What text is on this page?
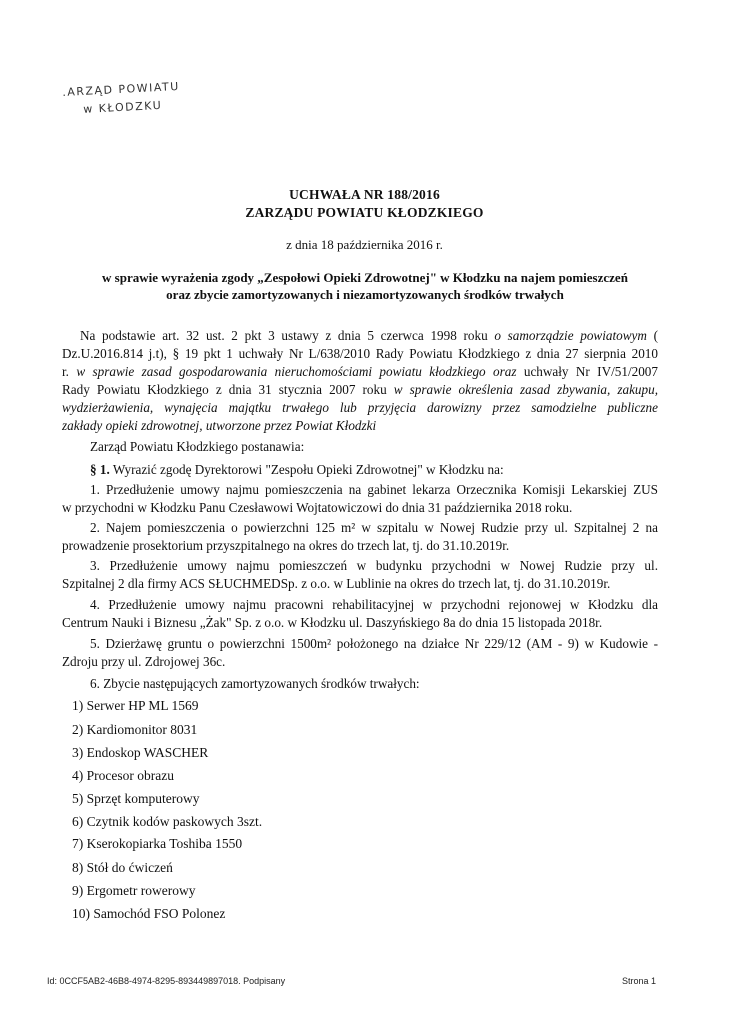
.ARZĄD POWIATU
w KŁODZKU
UCHWAŁA NR 188/2016
ZARZĄDU POWIATU KŁODZKIEGO
z dnia 18 października 2016 r.
w sprawie wyrażenia zgody „Zespołowi Opieki Zdrowotnej" w Kłodzku na najem pomieszczeń
oraz zbycie zamortyzowanych i niezamortyzowanych środków trwałych
Na podstawie art. 32 ust. 2 pkt 3 ustawy z dnia 5 czerwca 1998 roku o samorządzie powiatowym (
Dz.U.2016.814 j.t), § 19 pkt 1 uchwały Nr L/638/2010 Rady Powiatu Kłodzkiego z dnia 27 sierpnia 2010
r. w sprawie zasad gospodarowania nieruchomościami powiatu kłodzkiego oraz uchwały Nr IV/51/2007
Rady Powiatu Kłodzkiego z dnia 31 stycznia 2007 roku w sprawie określenia zasad zbywania, zakupu,
wydzierżawienia, wynajęcia majątku trwałego lub przyjęcia darowizny przez samodzielne publiczne
zakłady opieki zdrowotnej, utworzone przez Powiat Kłodzki
Zarząd Powiatu Kłodzkiego postanawia:
§ 1. Wyrazić zgodę Dyrektorowi "Zespołu Opieki Zdrowotnej" w Kłodzku na:
1. Przedłużenie umowy najmu pomieszczenia na gabinet lekarza Orzecznika Komisji Lekarskiej ZUS
w przychodni w Kłodzku Panu Czesławowi Wojtatowiczowi do dnia 31 października 2018 roku.
2. Najem pomieszczenia o powierzchni 125 m² w szpitalu w Nowej Rudzie przy ul. Szpitalnej 2 na
prowadzenie prosektorium przyszpitalnego na okres do trzech lat, tj. do 31.10.2019r.
3. Przedłużenie umowy najmu pomieszczeń w budynku przychodni w Nowej Rudzie przy ul.
Szpitalnej 2 dla firmy ACS SŁUCHMEDSp. z o.o. w Lublinie na okres do trzech lat, tj. do 31.10.2019r.
4. Przedłużenie umowy najmu pracowni rehabilitacyjnej w przychodni rejonowej w Kłodzku dla
Centrum Nauki i Biznesu „Żak" Sp. z o.o. w Kłodzku ul. Daszyńskiego 8a do dnia 15 listopada 2018r.
5. Dzierżawę gruntu o powierzchni 1500m² położonego na działce Nr 229/12 (AM - 9) w Kudowie -
Zdroju przy ul. Zdrojowej 36c.
6. Zbycie następujących zamortyzowanych środków trwałych:
1) Serwer HP ML 1569
2) Kardiomonitor 8031
3) Endoskop WASCHER
4) Procesor obrazu
5) Sprzęt komputerowy
6) Czytnik kodów paskowych 3szt.
7) Kserokopiarka Toshiba 1550
8) Stół do ćwiczeń
9) Ergometr rowerowy
10) Samochód FSO Polonez
Id: 0CCF5AB2-46B8-4974-8295-893449897018. Podpisany	Strona 1
